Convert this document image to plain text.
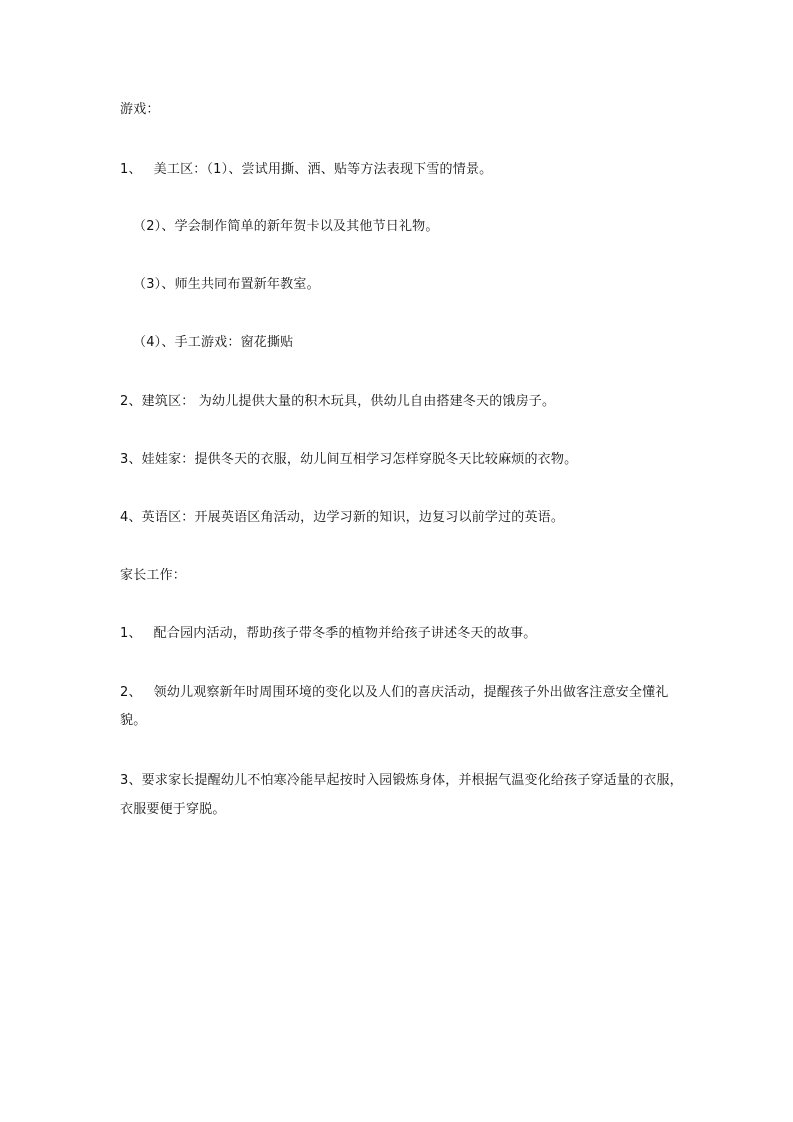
游戏：
1、 美工区：（1）、尝试用撕、洒、贴等方法表现下雪的情景。
（2）、学会制作简单的新年贺卡以及其他节日礼物。
（3）、师生共同布置新年教室。
（4）、手工游戏：窗花撕贴
2、建筑区： 为幼儿提供大量的积木玩具，供幼儿自由搭建冬天的饿房子。
3、娃娃家：提供冬天的衣服，幼儿间互相学习怎样穿脱冬天比较麻烦的衣物。
4、英语区：开展英语区角活动，边学习新的知识，边复习以前学过的英语。
家长工作：
1、 配合园内活动，帮助孩子带冬季的植物并给孩子讲述冬天的故事。
2、 领幼儿观察新年时周围环境的变化以及人们的喜庆活动，提醒孩子外出做客注意安全懂礼
貌。
3、要求家长提醒幼儿不怕寒冷能早起按时入园锻炼身体，并根据气温变化给孩子穿适量的衣服，
衣服要便于穿脱。
